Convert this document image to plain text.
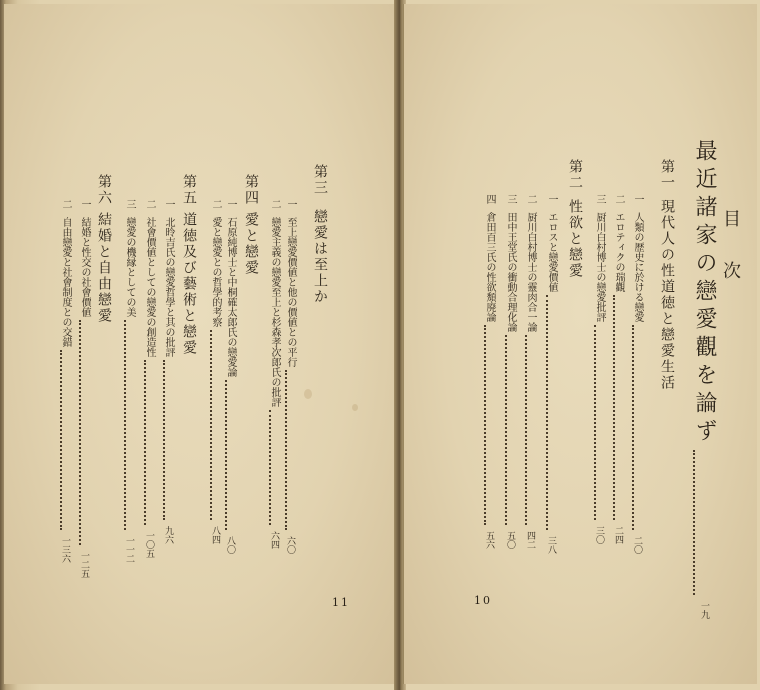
第三
戀愛は至上か
一至上戀愛價値と他の價値との平行六〇
二戀愛主義の戀愛至上と杉森孝次郎氏の批評六四
第四
愛と戀愛
一石原純博士と中桐確太郎氏の戀愛論八〇
二愛と戀愛との哲學的考察八四
第五
道徳及び藝術と戀愛
一北昤吉氏の戀愛哲學と其の批評九六
二社會價値としての戀愛の創造性一〇五
三戀愛の機縁としての美一一二
第六
結婚と自由戀愛
一結婚と性交の社會價値一二五
二自由戀愛と社會制度との交錯一三六
11
目　次
最近諸家の戀愛觀を論ず一九
第一
現代人の性道徳と戀愛生活
一人類の歴史に於ける戀愛二〇
二エロティクの瑞觀二四
三厨川白村博士の戀愛批評三〇
第二
性欲と戀愛
一エロスと戀愛價値三八
二厨川白村博士の靈肉合一論四二
三田中王堂氏の衝動合理化論五〇
四倉田百三氏の性欲頽廃論五六
10
